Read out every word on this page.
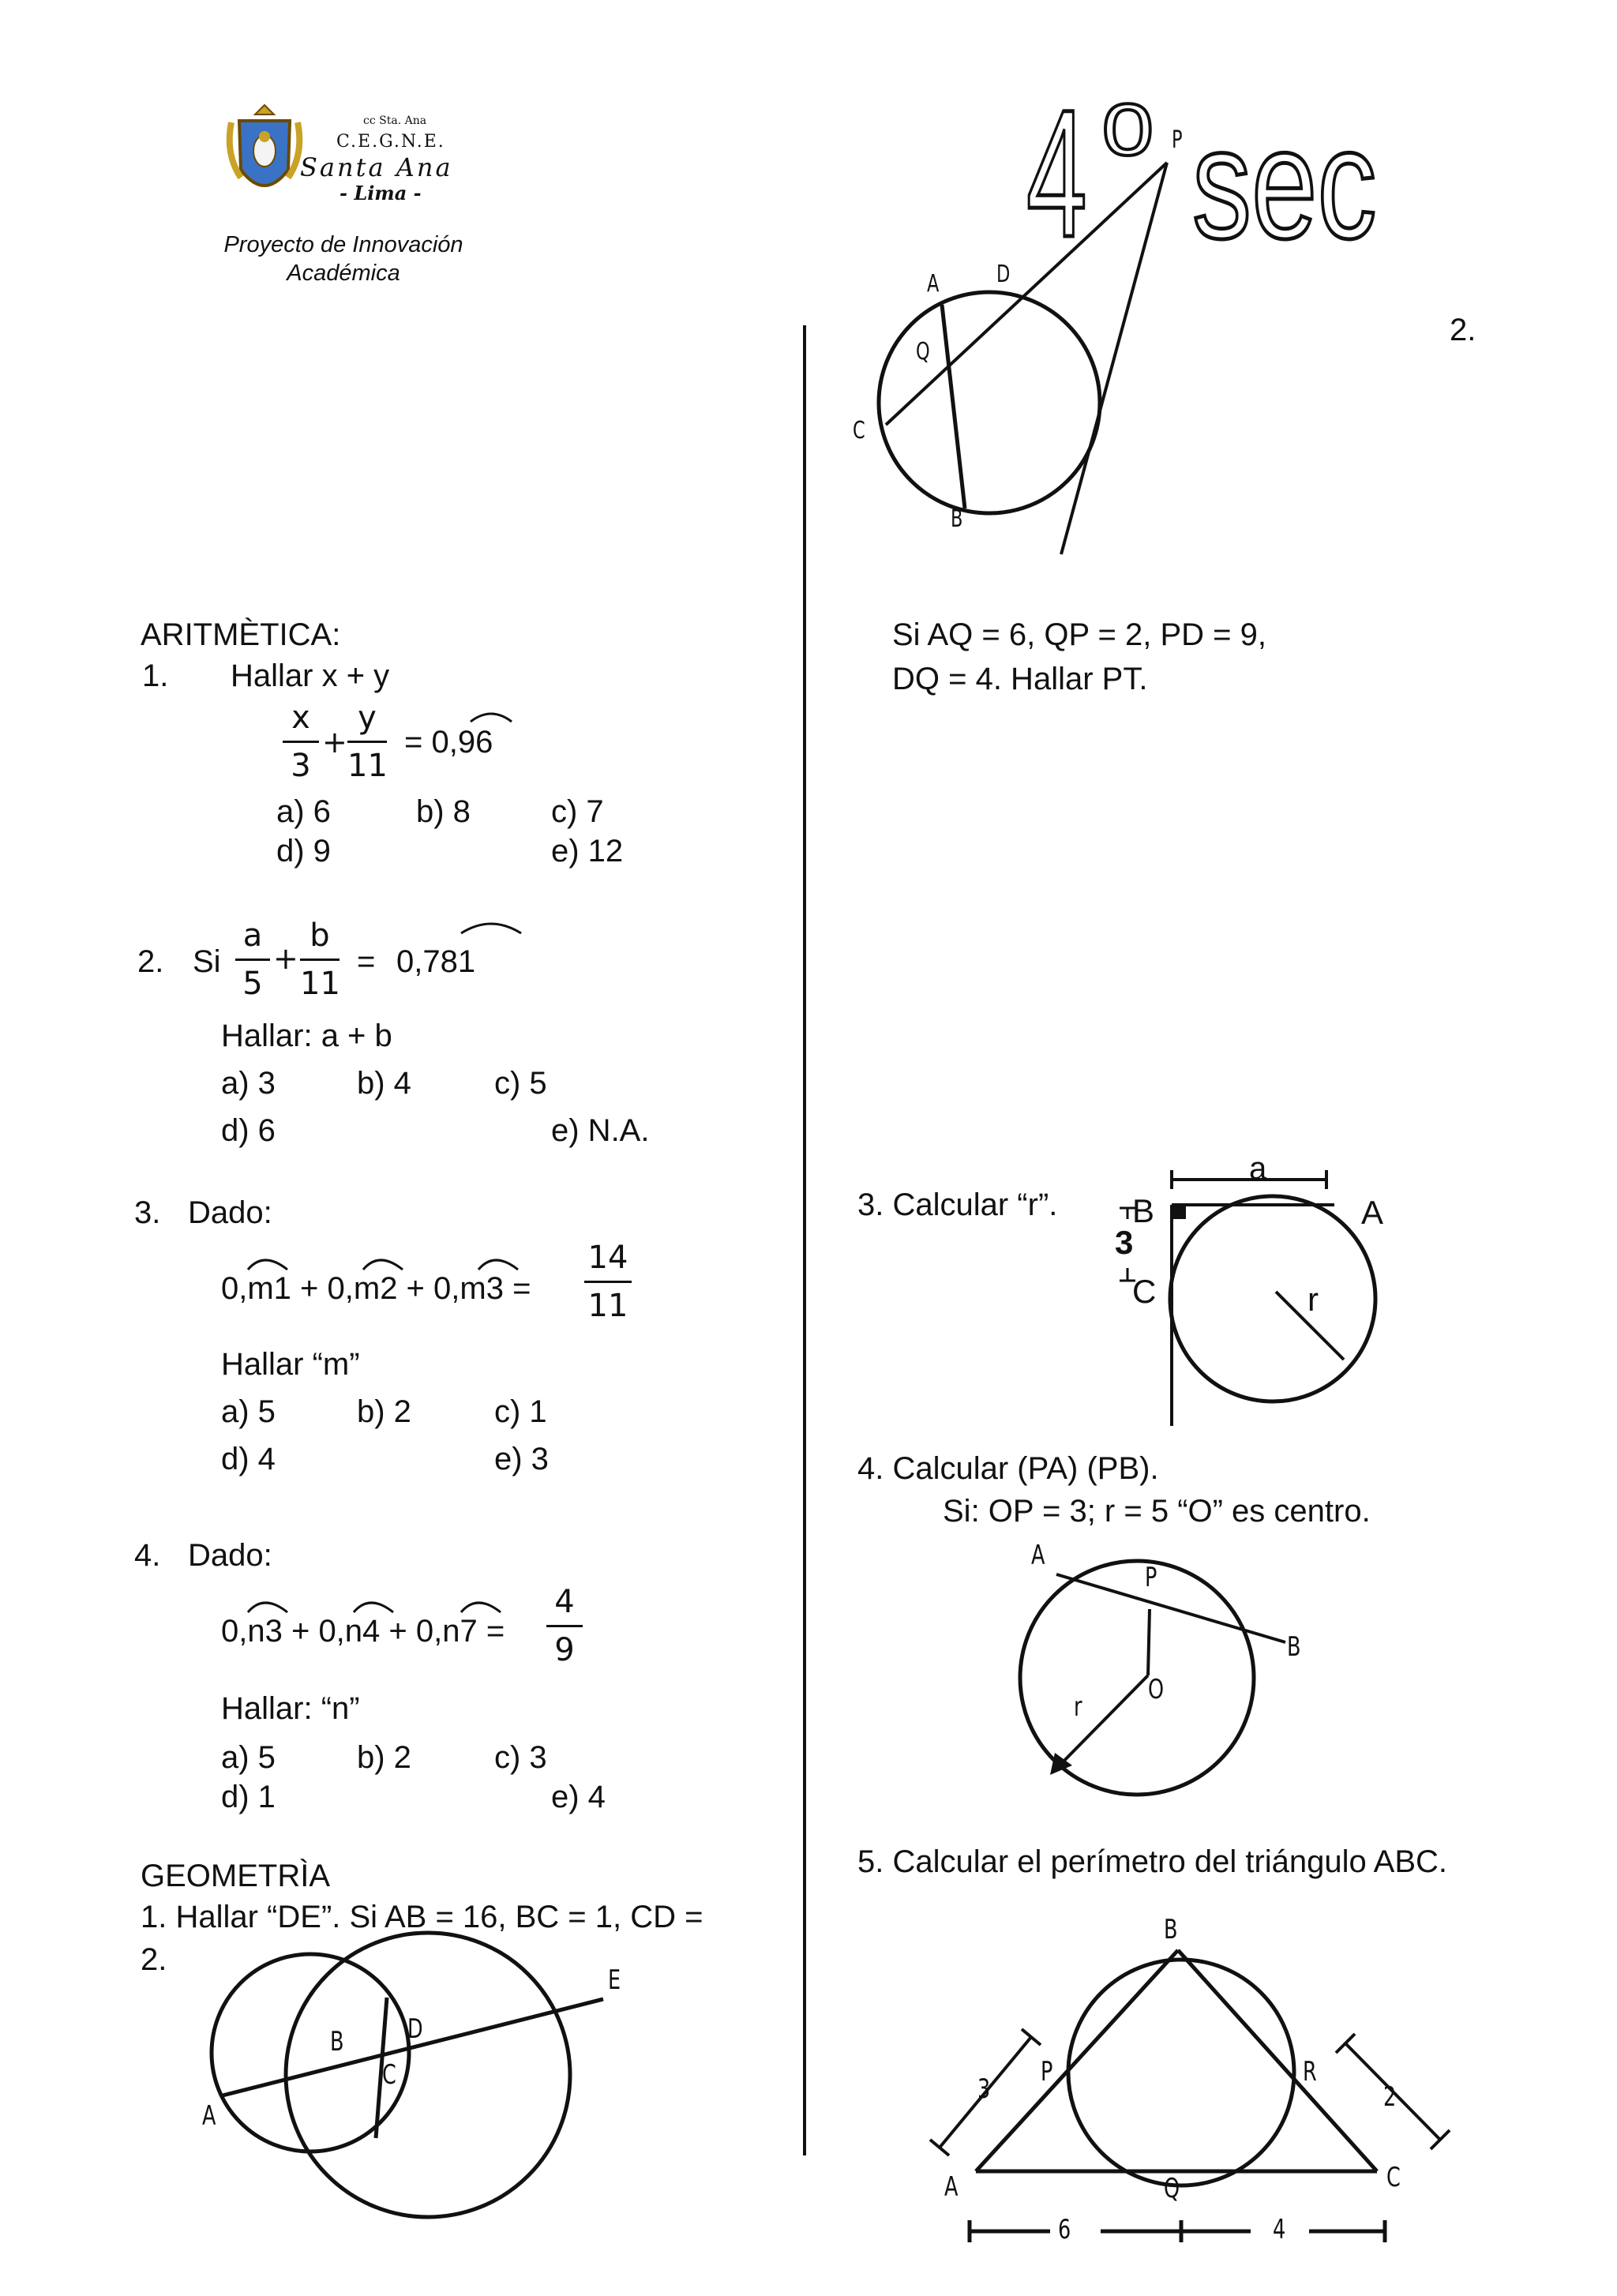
cc Sta. Ana
C.E.G.N.E.
Santa Ana
- Lima -
Proyecto de Innovación
Académica	4 o sec
ARITMÈTICA:
1. Hallar x + y
x
3
+
y
11
= 0,96
a) 6	b) 8	c) 7
d) 9	e) 12
2. Si
a
5
+
b
11
= 0,781
Hallar: a + b
a) 3	b) 4	c) 5
d) 6	e) N.A.
3. Dado:
0,m1 + 0,m2 + 0,m3 =
14
11
Hallar “m”
a) 5	b) 2	c) 1
d) 4	e) 3
4. Dado:
0,n3 + 0,n4 + 0,n7 =
4
9
Hallar: “n”
a) 5	b) 2	c) 3
d) 1	e) 4
GEOMETRÌA
1. Hallar “DE”. Si AB = 16, BC = 1, CD =
2.
A
B
C
D
E
2.
P
A D
Q
C
B
Si AQ = 6, QP = 2, PD = 9,
DQ = 4. Hallar PT.
3. Calcular “r”.
a
A
B
3
C	r
4. Calcular (PA) (PB).
Si: OP = 3; r = 5 “O” es centro.
A
P
B
O
r
5. Calcular el perímetro del triángulo ABC.
B
P	R
A	Q	C
3	2
6	4
